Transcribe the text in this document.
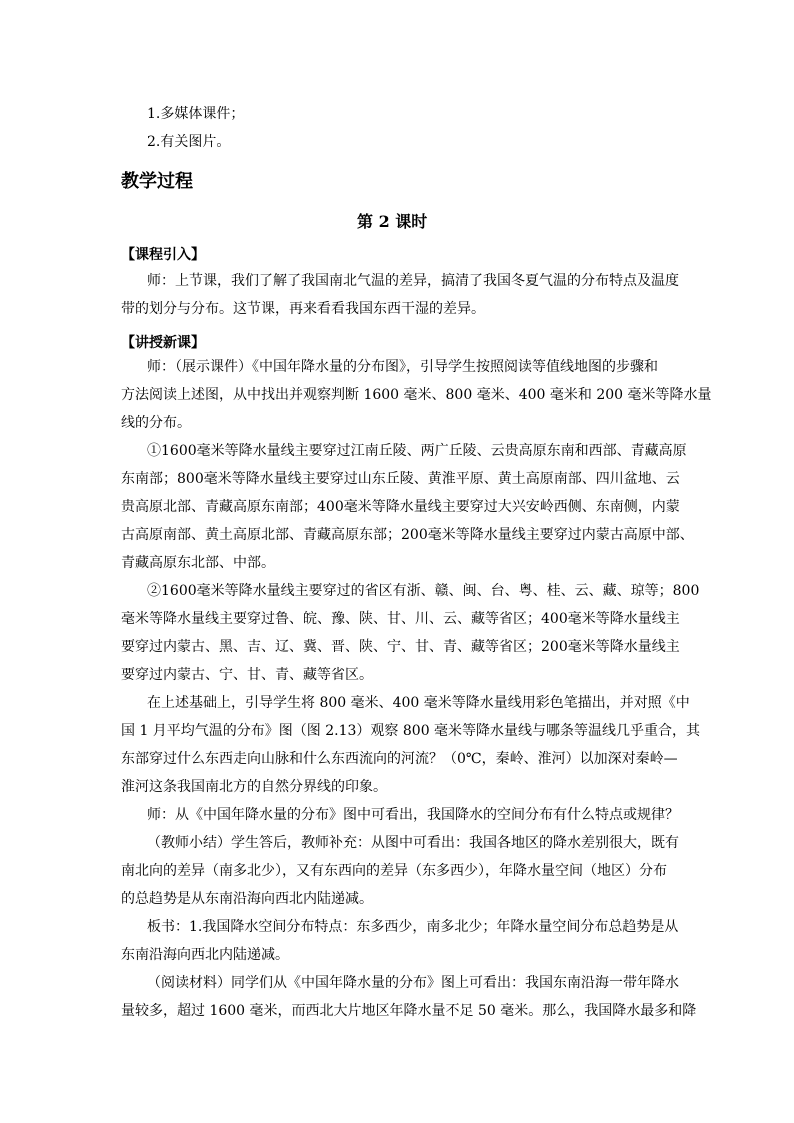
1.多媒体课件；
2.有关图片。
教学过程
第 2 课时
【课程引入】
师：上节课，我们了解了我国南北气温的差异，搞清了我国冬夏气温的分布特点及温度
带的划分与分布。这节课，再来看看我国东西干湿的差异。
【讲授新课】
师：（展示课件）《中国年降水量的分布图》，引导学生按照阅读等值线地图的步骤和
方法阅读上述图，从中找出并观察判断 1600 毫米、800 毫米、400 毫米和 200 毫米等降水量
线的分布。
①1600毫米等降水量线主要穿过江南丘陵、两广丘陵、云贵高原东南和西部、青藏高原
东南部；800毫米等降水量线主要穿过山东丘陵、黄淮平原、黄土高原南部、四川盆地、云
贵高原北部、青藏高原东南部；400毫米等降水量线主要穿过大兴安岭西侧、东南侧，内蒙
古高原南部、黄土高原北部、青藏高原东部；200毫米等降水量线主要穿过内蒙古高原中部、
青藏高原东北部、中部。
②1600毫米等降水量线主要穿过的省区有浙、赣、闽、台、粤、桂、云、藏、琼等；800
毫米等降水量线主要穿过鲁、皖、豫、陕、甘、川、云、藏等省区；400毫米等降水量线主
要穿过内蒙古、黑、吉、辽、冀、晋、陕、宁、甘、青、藏等省区；200毫米等降水量线主
要穿过内蒙古、宁、甘、青、藏等省区。
在上述基础上，引导学生将 800 毫米、400 毫米等降水量线用彩色笔描出，并对照《中
国 1 月平均气温的分布》图（图 2.13）观察 800 毫米等降水量线与哪条等温线几乎重合，其
东部穿过什么东西走向山脉和什么东西流向的河流？（0℃，秦岭、淮河）以加深对秦岭—
淮河这条我国南北方的自然分界线的印象。
师：从《中国年降水量的分布》图中可看出，我国降水的空间分布有什么特点或规律？
（教师小结）学生答后，教师补充：从图中可看出：我国各地区的降水差别很大，既有
南北向的差异（南多北少），又有东西向的差异（东多西少），年降水量空间（地区）分布
的总趋势是从东南沿海向西北内陆递减。
板书：1.我国降水空间分布特点：东多西少，南多北少；年降水量空间分布总趋势是从
东南沿海向西北内陆递减。
（阅读材料）同学们从《中国年降水量的分布》图上可看出：我国东南沿海一带年降水
量较多，超过 1600 毫米，而西北大片地区年降水量不足 50 毫米。那么，我国降水最多和降
